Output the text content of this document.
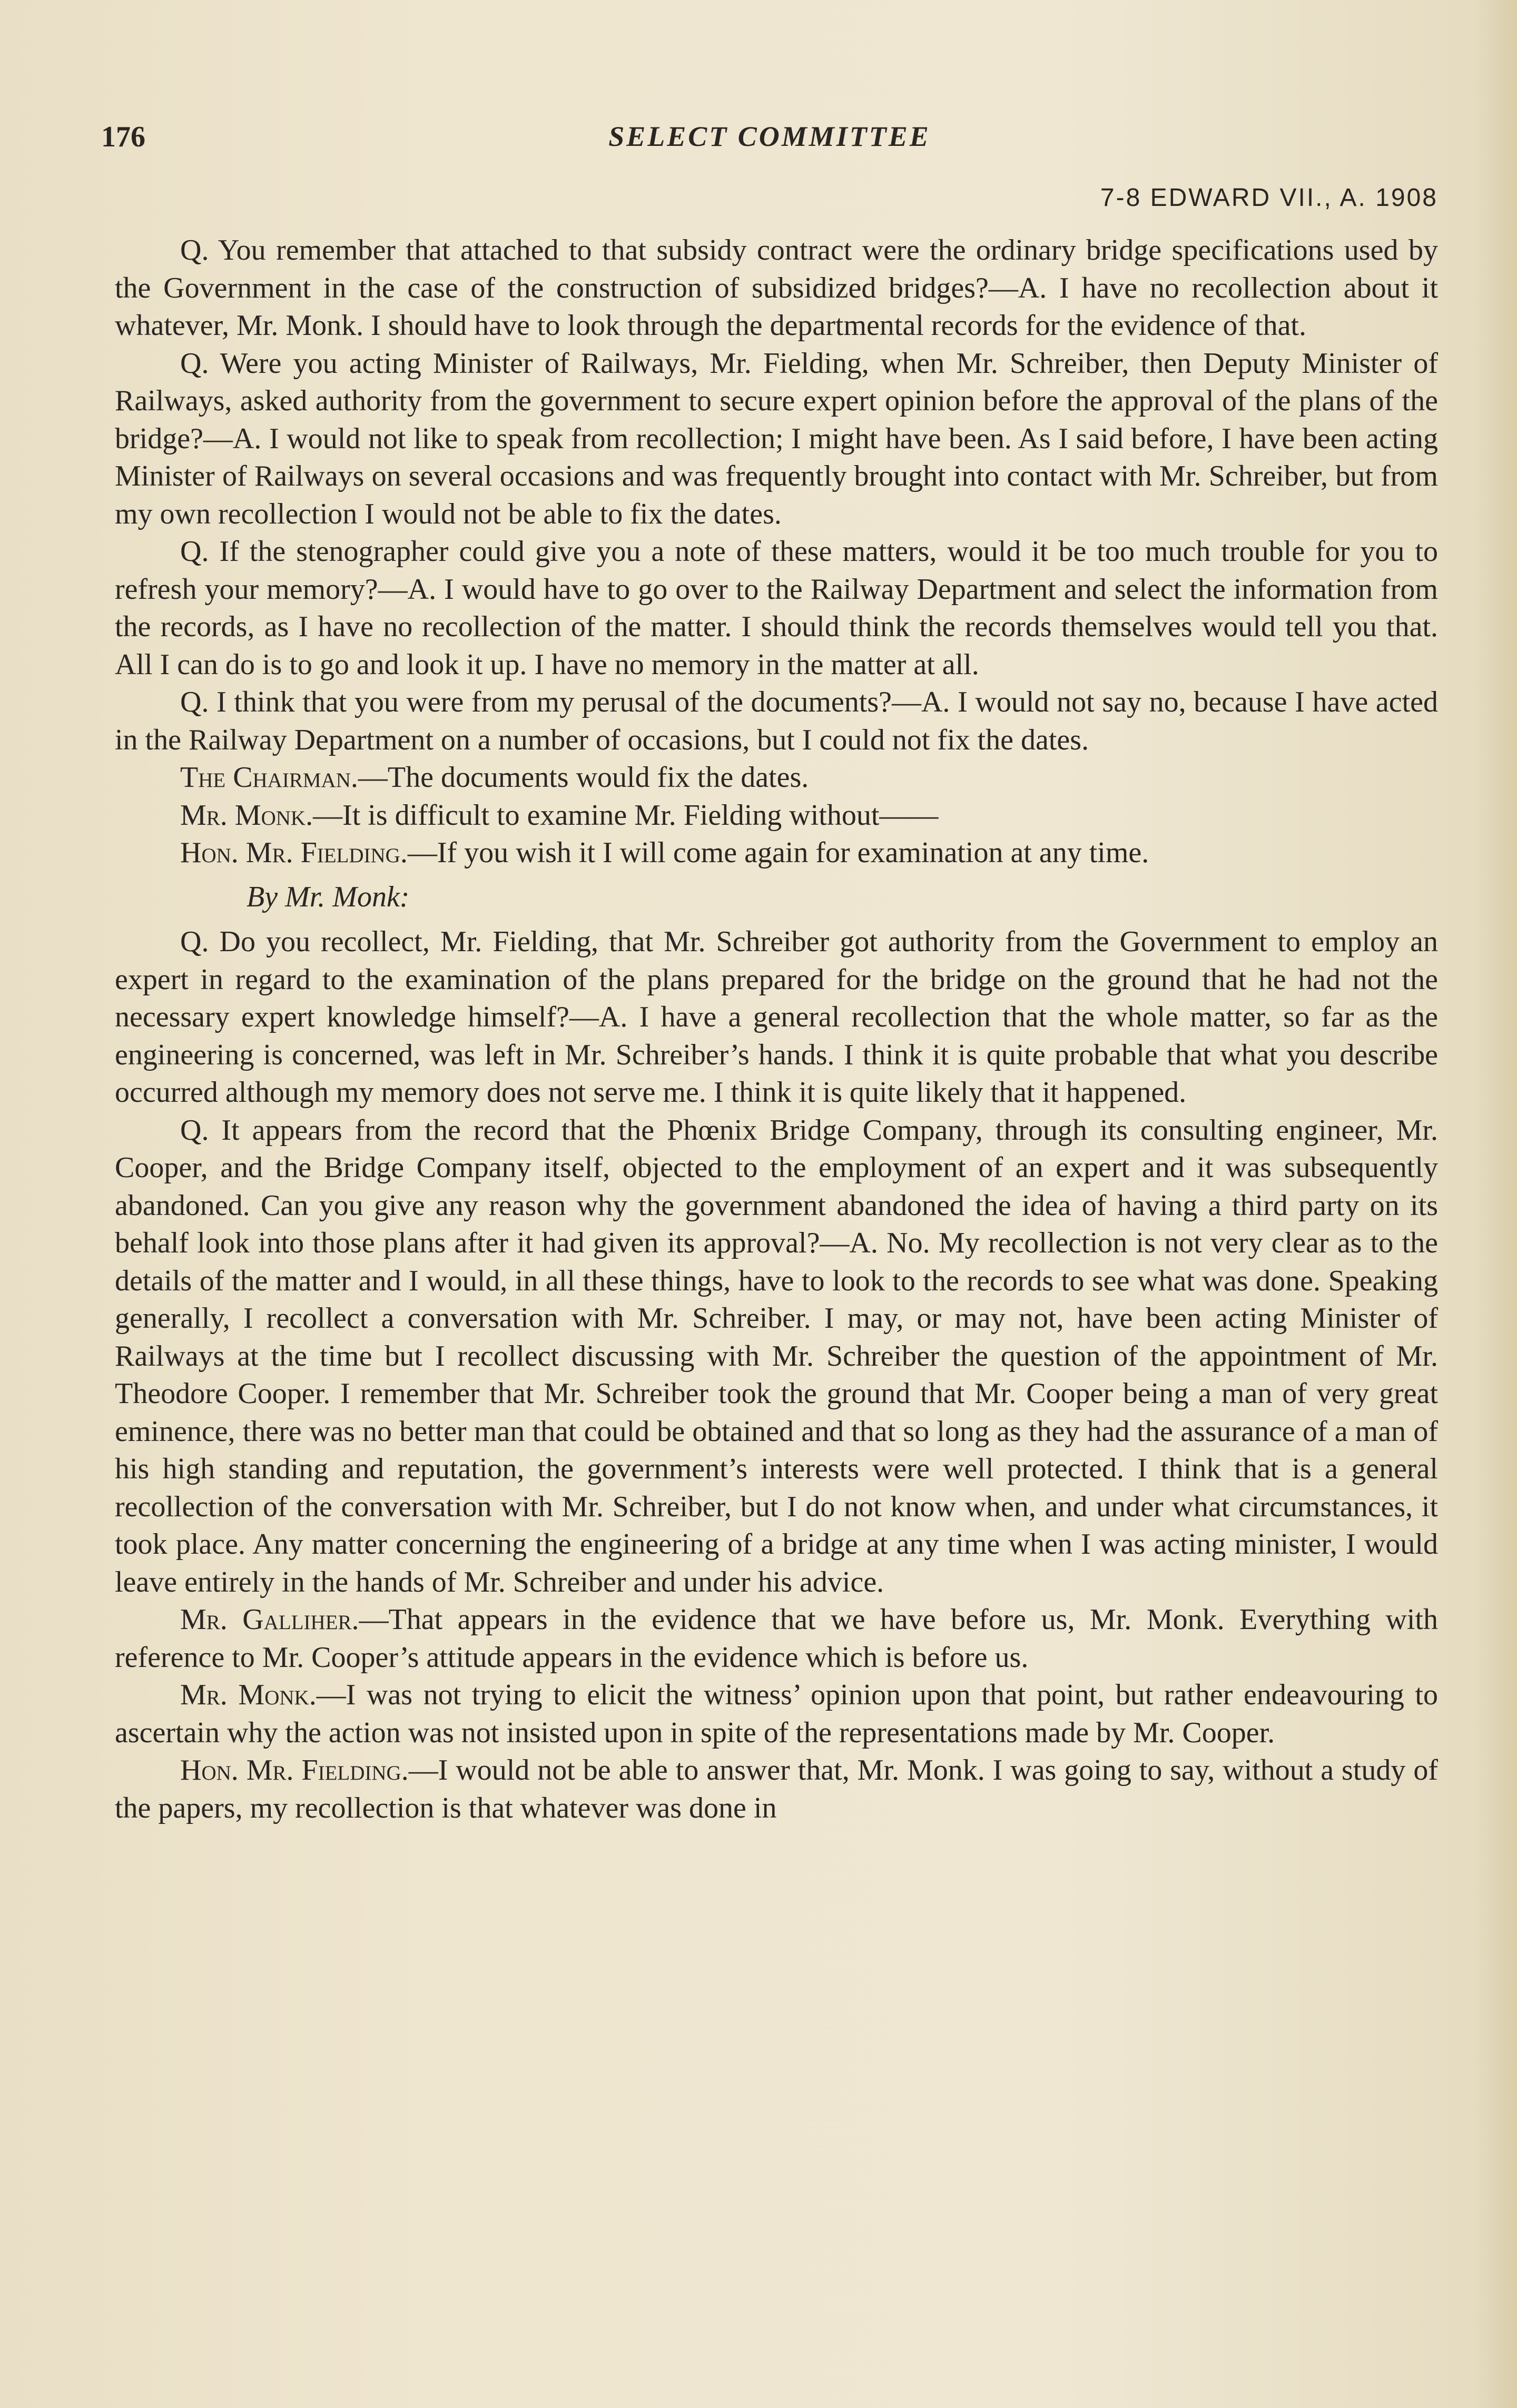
176	SELECT COMMITTEE
7-8 EDWARD VII., A. 1908

Q. You remember that attached to that subsidy contract were the ordinary bridge specifications used by the Government in the case of the construction of subsidized bridges?—A. I have no recollection about it whatever, Mr. Monk. I should have to look through the departmental records for the evidence of that.

Q. Were you acting Minister of Railways, Mr. Fielding, when Mr. Schreiber, then Deputy Minister of Railways, asked authority from the government to secure expert opinion before the approval of the plans of the bridge?—A. I would not like to speak from recollection; I might have been. As I said before, I have been acting Minister of Railways on several occasions and was frequently brought into contact with Mr. Schreiber, but from my own recollection I would not be able to fix the dates.

Q. If the stenographer could give you a note of these matters, would it be too much trouble for you to refresh your memory?—A. I would have to go over to the Railway Department and select the information from the records, as I have no recollection of the matter. I should think the records themselves would tell you that. All I can do is to go and look it up. I have no memory in the matter at all.

Q. I think that you were from my perusal of the documents?—A. I would not say no, because I have acted in the Railway Department on a number of occasions, but I could not fix the dates.

The Chairman.—The documents would fix the dates.

Mr. Monk.—It is difficult to examine Mr. Fielding without——

Hon. Mr. Fielding.—If you wish it I will come again for examination at any time.

By Mr. Monk:

Q. Do you recollect, Mr. Fielding, that Mr. Schreiber got authority from the Government to employ an expert in regard to the examination of the plans prepared for the bridge on the ground that he had not the necessary expert knowledge himself?—A. I have a general recollection that the whole matter, so far as the engineering is concerned, was left in Mr. Schreiber’s hands. I think it is quite probable that what you describe occurred although my memory does not serve me. I think it is quite likely that it happened.

Q. It appears from the record that the Phœnix Bridge Company, through its consulting engineer, Mr. Cooper, and the Bridge Company itself, objected to the employment of an expert and it was subsequently abandoned. Can you give any reason why the government abandoned the idea of having a third party on its behalf look into those plans after it had given its approval?—A. No. My recollection is not very clear as to the details of the matter and I would, in all these things, have to look to the records to see what was done. Speaking generally, I recollect a conversation with Mr. Schreiber. I may, or may not, have been acting Minister of Railways at the time but I recollect discussing with Mr. Schreiber the question of the appointment of Mr. Theodore Cooper. I remember that Mr. Schreiber took the ground that Mr. Cooper being a man of very great eminence, there was no better man that could be obtained and that so long as they had the assurance of a man of his high standing and reputation, the government’s interests were well protected. I think that is a general recollection of the conversation with Mr. Schreiber, but I do not know when, and under what circumstances, it took place. Any matter concerning the engineering of a bridge at any time when I was acting minister, I would leave entirely in the hands of Mr. Schreiber and under his advice.

Mr. Galliher.—That appears in the evidence that we have before us, Mr. Monk. Everything with reference to Mr. Cooper’s attitude appears in the evidence which is before us.

Mr. Monk.—I was not trying to elicit the witness’ opinion upon that point, but rather endeavouring to ascertain why the action was not insisted upon in spite of the representations made by Mr. Cooper.

Hon. Mr. Fielding.—I would not be able to answer that, Mr. Monk. I was going to say, without a study of the papers, my recollection is that whatever was done in
